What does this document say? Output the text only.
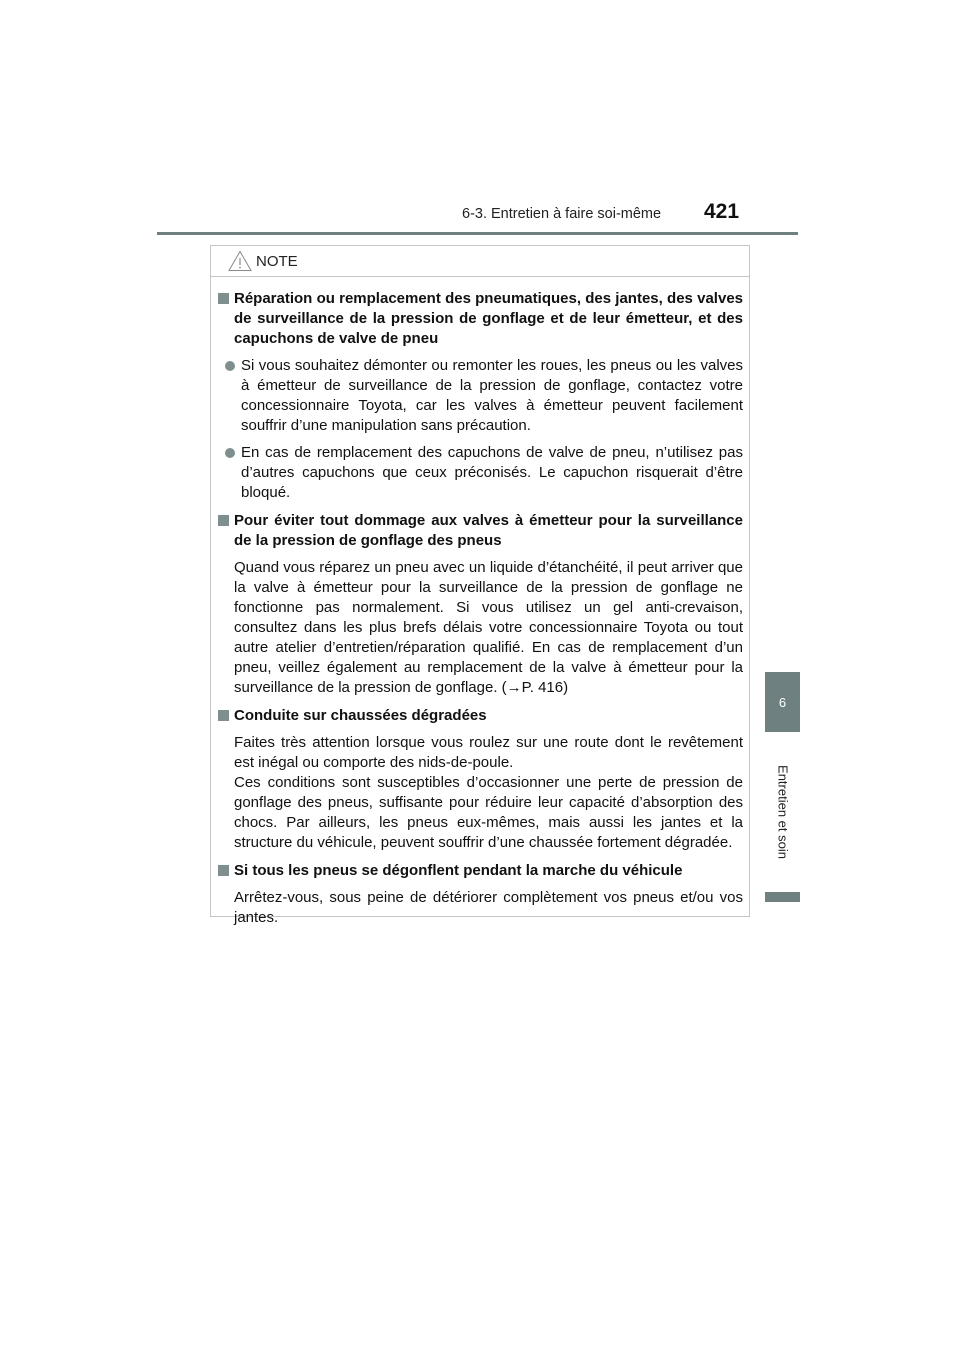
6-3. Entretien à faire soi-même 421
6
Entretien et soin
NOTE
Réparation ou remplacement des pneumatiques, des jantes, des valves de surveillance de la pression de gonflage et de leur émetteur, et des capuchons de valve de pneu
Si vous souhaitez démonter ou remonter les roues, les pneus ou les valves à émetteur de surveillance de la pression de gonflage, contactez votre concessionnaire Toyota, car les valves à émetteur peuvent facilement souffrir d’une manipulation sans précaution.
En cas de remplacement des capuchons de valve de pneu, n’utilisez pas d’autres capuchons que ceux préconisés. Le capuchon risquerait d’être bloqué.
Pour éviter tout dommage aux valves à émetteur pour la surveillance de la pression de gonflage des pneus
Quand vous réparez un pneu avec un liquide d’étanchéité, il peut arriver que la valve à émetteur pour la surveillance de la pression de gonflage ne fonctionne pas normalement. Si vous utilisez un gel anti-crevaison, consultez dans les plus brefs délais votre concessionnaire Toyota ou tout autre atelier d’entretien/réparation qualifié. En cas de remplacement d’un pneu, veillez également au remplacement de la valve à émetteur pour la surveillance de la pression de gonflage. (→P. 416)
Conduite sur chaussées dégradées
Faites très attention lorsque vous roulez sur une route dont le revêtement est inégal ou comporte des nids-de-poule.
Ces conditions sont susceptibles d’occasionner une perte de pression de gonflage des pneus, suffisante pour réduire leur capacité d’absorption des chocs. Par ailleurs, les pneus eux-mêmes, mais aussi les jantes et la structure du véhicule, peuvent souffrir d’une chaussée fortement dégradée.
Si tous les pneus se dégonflent pendant la marche du véhicule
Arrêtez-vous, sous peine de détériorer complètement vos pneus et/ou vos jantes.
